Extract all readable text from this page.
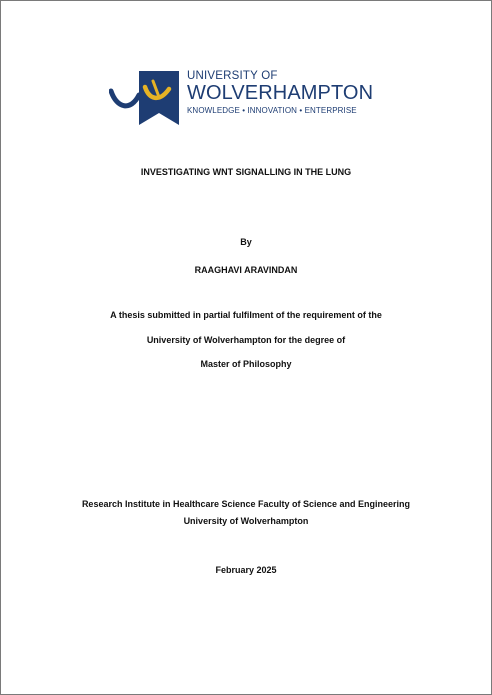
UNIVERSITY OF
WOLVERHAMPTON
KNOWLEDGE • INNOVATION • ENTERPRISE
INVESTIGATING WNT SIGNALLING IN THE LUNG
By
RAAGHAVI ARAVINDAN
A thesis submitted in partial fulfilment of the requirement of the
University of Wolverhampton for the degree of
Master of Philosophy
Research Institute in Healthcare Science Faculty of Science and Engineering
University of Wolverhampton
February 2025
